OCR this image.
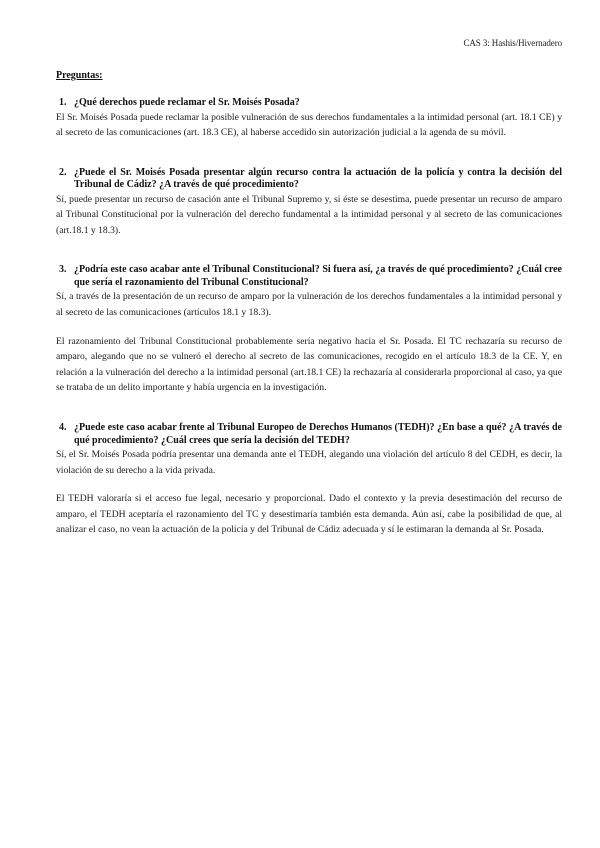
CAS 3: Hashis/Hivernadero
Preguntas:

1. ¿Qué derechos puede reclamar el Sr. Moisés Posada?

El Sr. Moisés Posada puede reclamar la posible vulneración de sus derechos fundamentales a la intimidad personal (art. 18.1 CE) y al secreto de las comunicaciones (art. 18.3 CE), al haberse accedido sin autorización judicial a la agenda de su móvil.

2. ¿Puede el Sr. Moisés Posada presentar algún recurso contra la actuación de la policía y contra la decisión del Tribunal de Cádiz? ¿A través de qué procedimiento?

Sí, puede presentar un recurso de casación ante el Tribunal Supremo y, si éste se desestima, puede presentar un recurso de amparo al Tribunal Constitucional por la vulneración del derecho fundamental a la intimidad personal y al secreto de las comunicaciones (art.18.1 y 18.3).

3. ¿Podría este caso acabar ante el Tribunal Constitucional? Si fuera así, ¿a través de qué procedimiento? ¿Cuál cree que sería el razonamiento del Tribunal Constitucional?

Sí, a través de la presentación de un recurso de amparo por la vulneración de los derechos fundamentales a la intimidad personal y al secreto de las comunicaciones (artículos 18.1 y 18.3).

El razonamiento del Tribunal Constitucional probablemente sería negativo hacia el Sr. Posada. El TC rechazaría su recurso de amparo, alegando que no se vulneró el derecho al secreto de las comunicaciones, recogido en el artículo 18.3 de la CE. Y, en relación a la vulneración del derecho a la intimidad personal (art.18.1 CE) la rechazaría al considerarla proporcional al caso, ya que se trataba de un delito importante y había urgencia en la investigación.

4. ¿Puede este caso acabar frente al Tribunal Europeo de Derechos Humanos (TEDH)? ¿En base a qué? ¿A través de qué procedimiento? ¿Cuál crees que sería la decisión del TEDH?

Sí, el Sr. Moisés Posada podría presentar una demanda ante el TEDH, alegando una violación del artículo 8 del CEDH, es decir, la violación de su derecho a la vida privada.

El TEDH valoraría si el acceso fue legal, necesario y proporcional. Dado el contexto y la previa desestimación del recurso de amparo, el TEDH aceptaría el razonamiento del TC y desestimaría también esta demanda. Aún así, cabe la posibilidad de que, al analizar el caso, no vean la actuación de la policía y del Tribunal de Cádiz adecuada y sí le estimaran la demanda al Sr. Posada.
